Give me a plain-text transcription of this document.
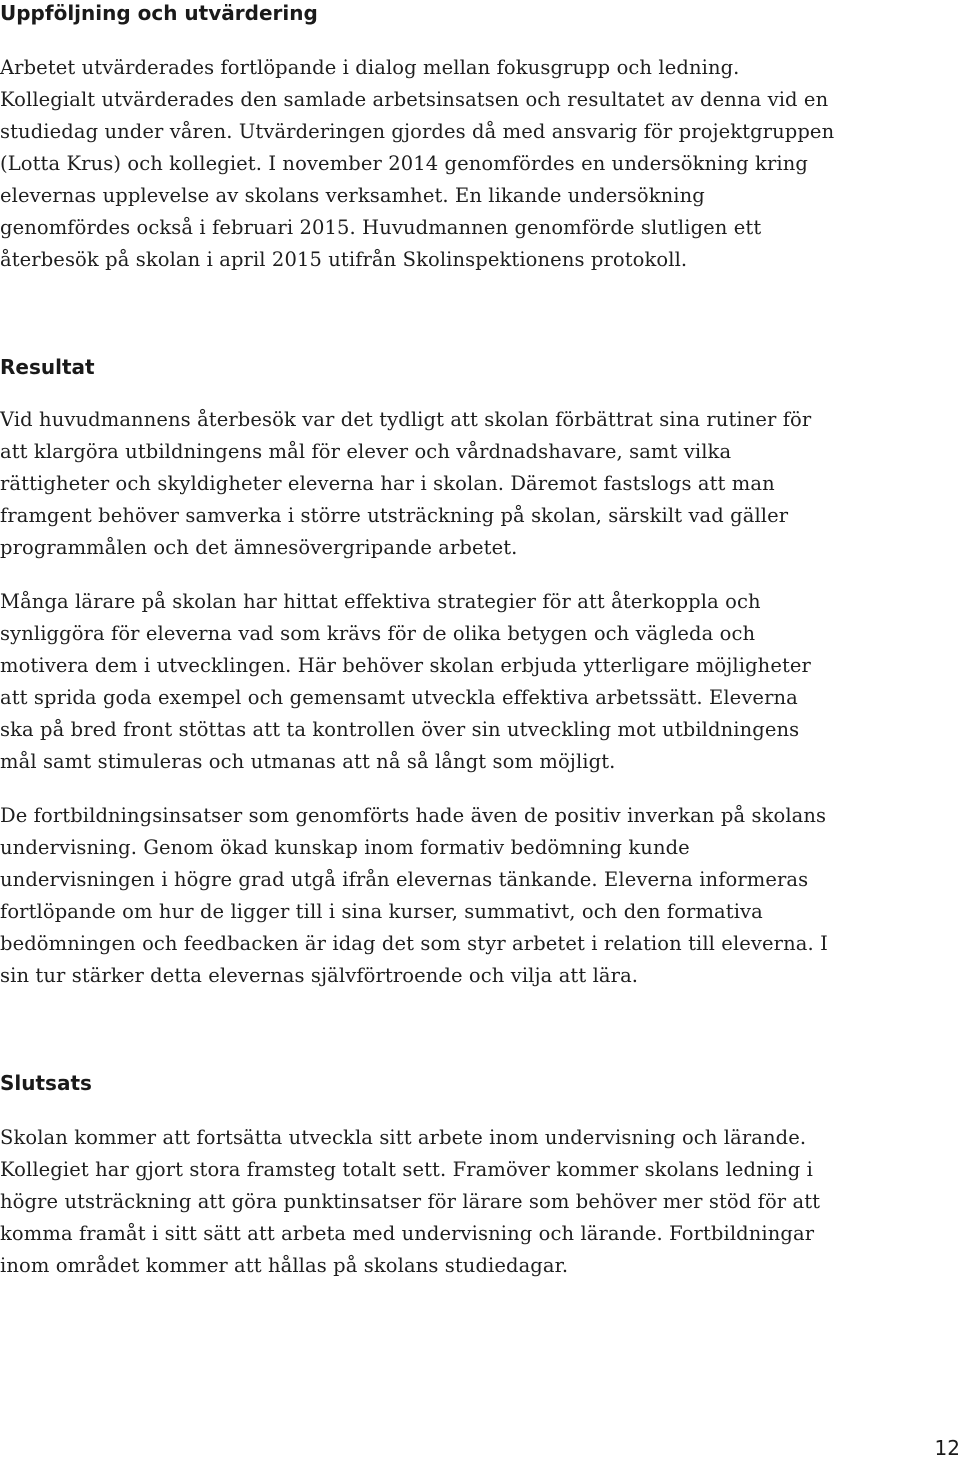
Uppföljning och utvärdering

Arbetet utvärderades fortlöpande i dialog mellan fokusgrupp och ledning.
Kollegialt utvärderades den samlade arbetsinsatsen och resultatet av denna vid en
studiedag under våren. Utvärderingen gjordes då med ansvarig för projektgruppen
(Lotta Krus) och kollegiet. I november 2014 genomfördes en undersökning kring
elevernas upplevelse av skolans verksamhet. En likande undersökning
genomfördes också i februari 2015. Huvudmannen genomförde slutligen ett
återbesök på skolan i april 2015 utifrån Skolinspektionens protokoll.

Resultat

Vid huvudmannens återbesök var det tydligt att skolan förbättrat sina rutiner för
att klargöra utbildningens mål för elever och vårdnadshavare, samt vilka
rättigheter och skyldigheter eleverna har i skolan. Däremot fastslogs att man
framgent behöver samverka i större utsträckning på skolan, särskilt vad gäller
programmålen och det ämnesövergripande arbetet.

Många lärare på skolan har hittat effektiva strategier för att återkoppla och
synliggöra för eleverna vad som krävs för de olika betygen och vägleda och
motivera dem i utvecklingen. Här behöver skolan erbjuda ytterligare möjligheter
att sprida goda exempel och gemensamt utveckla effektiva arbetssätt. Eleverna
ska på bred front stöttas att ta kontrollen över sin utveckling mot utbildningens
mål samt stimuleras och utmanas att nå så långt som möjligt.

De fortbildningsinsatser som genomförts hade även de positiv inverkan på skolans
undervisning. Genom ökad kunskap inom formativ bedömning kunde
undervisningen i högre grad utgå ifrån elevernas tänkande. Eleverna informeras
fortlöpande om hur de ligger till i sina kurser, summativt, och den formativa
bedömningen och feedbacken är idag det som styr arbetet i relation till eleverna. I
sin tur stärker detta elevernas självförtroende och vilja att lära.

Slutsats

Skolan kommer att fortsätta utveckla sitt arbete inom undervisning och lärande.
Kollegiet har gjort stora framsteg totalt sett. Framöver kommer skolans ledning i
högre utsträckning att göra punktinsatser för lärare som behöver mer stöd för att
komma framåt i sitt sätt att arbeta med undervisning och lärande. Fortbildningar
inom området kommer att hållas på skolans studiedagar.

12
